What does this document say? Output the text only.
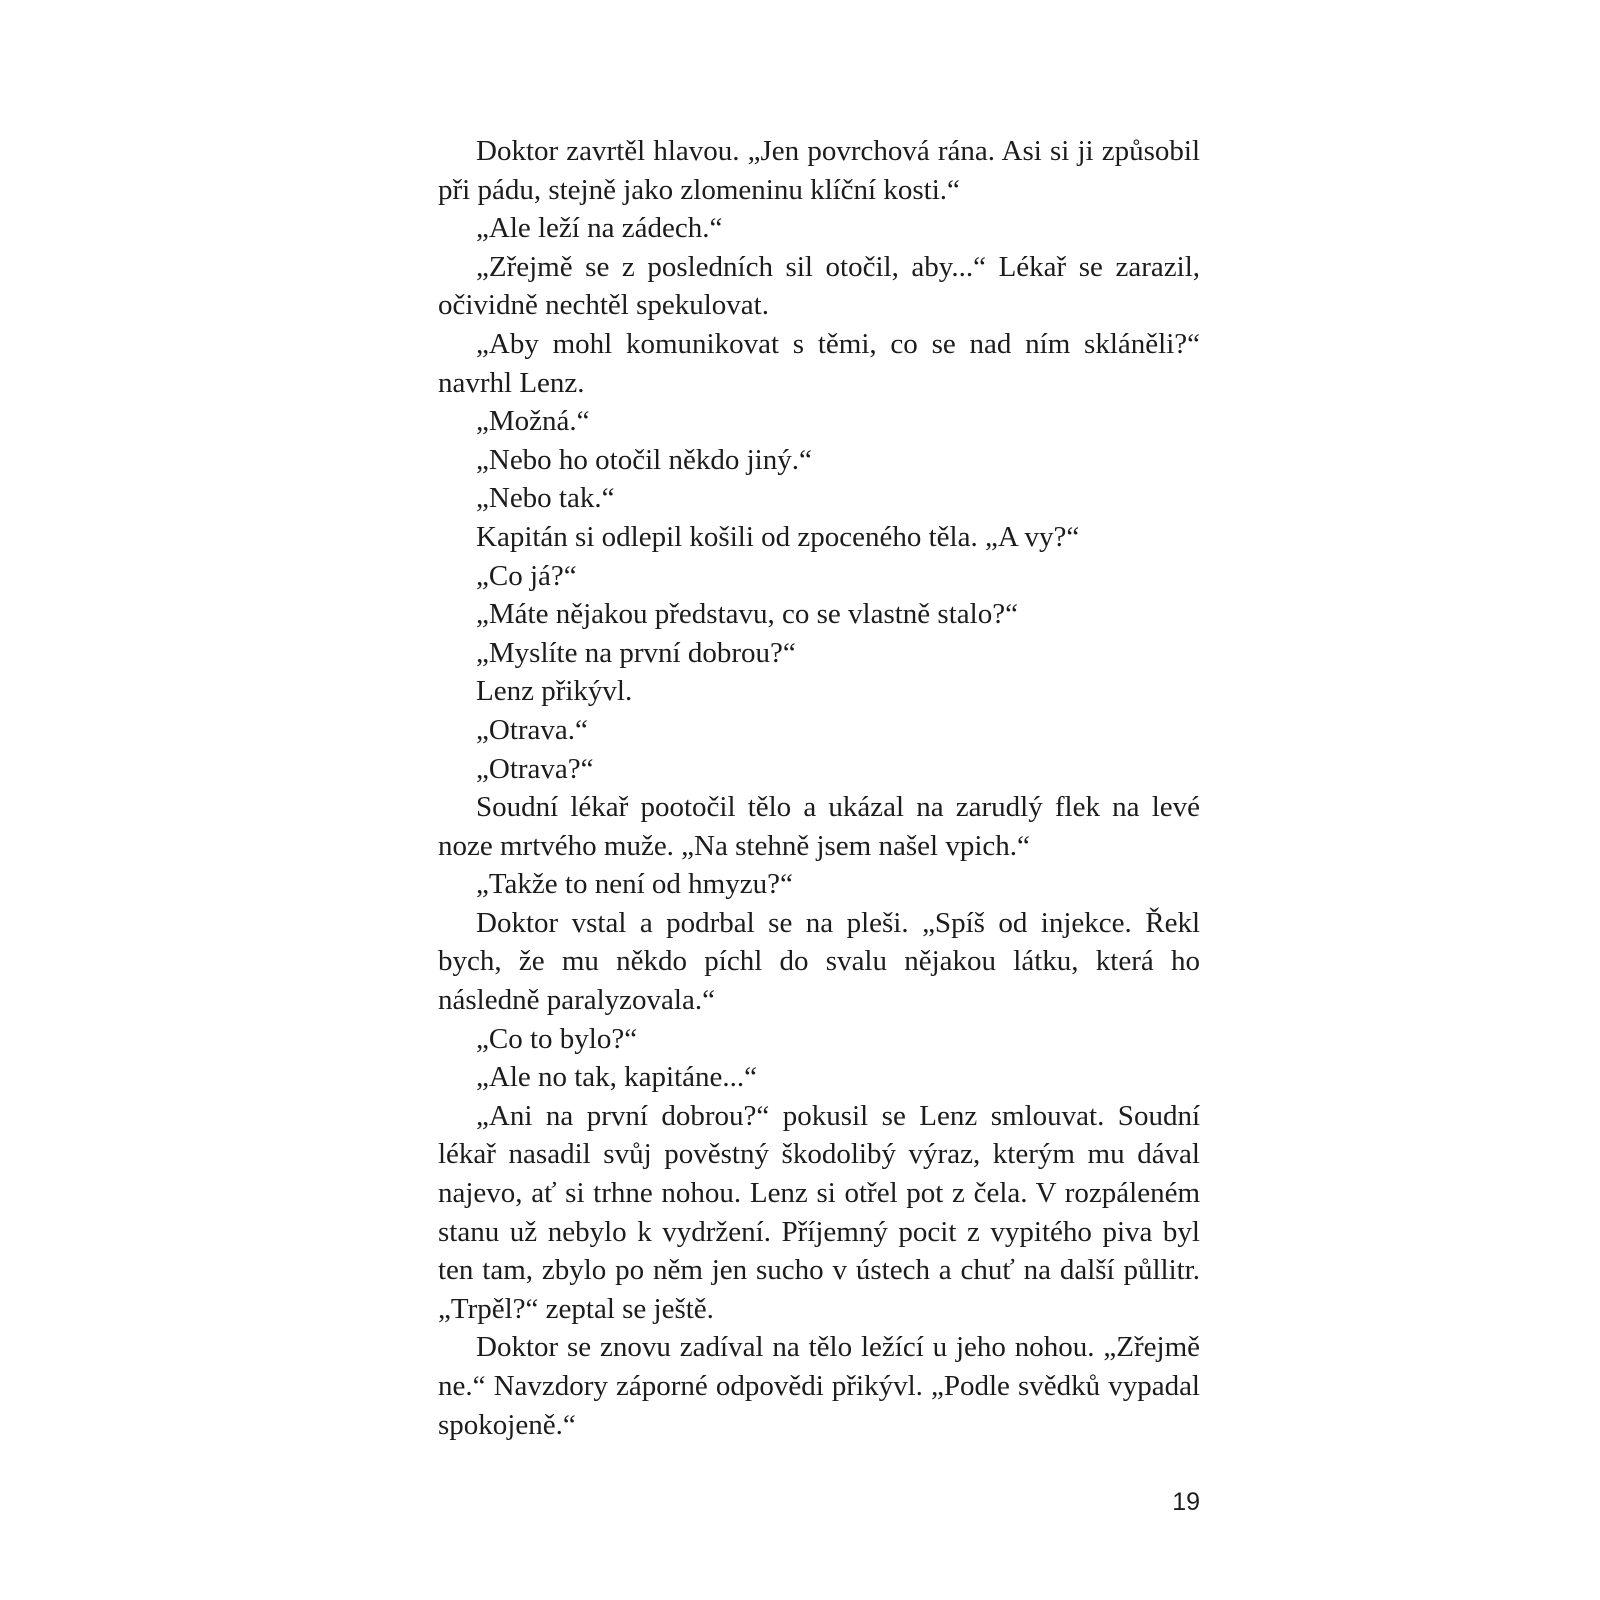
Doktor zavrtěl hlavou. „Jen povrchová rána. Asi si ji způsobil při pádu, stejně jako zlomeninu klíční kosti.“

„Ale leží na zádech.“

„Zřejmě se z posledních sil otočil, aby...“ Lékař se zarazil, očividně nechtěl spekulovat.

„Aby mohl komunikovat s těmi, co se nad ním skláněli?“ navrhl Lenz.

„Možná.“

„Nebo ho otočil někdo jiný.“

„Nebo tak.“

Kapitán si odlepil košili od zpoceného těla. „A vy?“

„Co já?“

„Máte nějakou představu, co se vlastně stalo?“

„Myslíte na první dobrou?“

Lenz přikývl.

„Otrava.“

„Otrava?“

Soudní lékař pootočil tělo a ukázal na zarudlý flek na levé noze mrtvého muže. „Na stehně jsem našel vpich.“

„Takže to není od hmyzu?“

Doktor vstal a podrbal se na pleši. „Spíš od injekce. Řekl bych, že mu někdo píchl do svalu nějakou látku, která ho následně paralyzovala.“

„Co to bylo?“

„Ale no tak, kapitáne...“

„Ani na první dobrou?“ pokusil se Lenz smlouvat. Soudní lékař nasadil svůj pověstný škodolibý výraz, kterým mu dával najevo, ať si trhne nohou. Lenz si otřel pot z čela. V rozpáleném stanu už nebylo k vydržení. Příjemný pocit z vypitého piva byl ten tam, zbylo po něm jen sucho v ústech a chuť na další půllitr. „Trpěl?“ zeptal se ještě.

Doktor se znovu zadíval na tělo ležící u jeho nohou. „Zřejmě ne.“ Navzdory záporné odpovědi přikývl. „Podle svědků vypadal spokojeně.“

19
